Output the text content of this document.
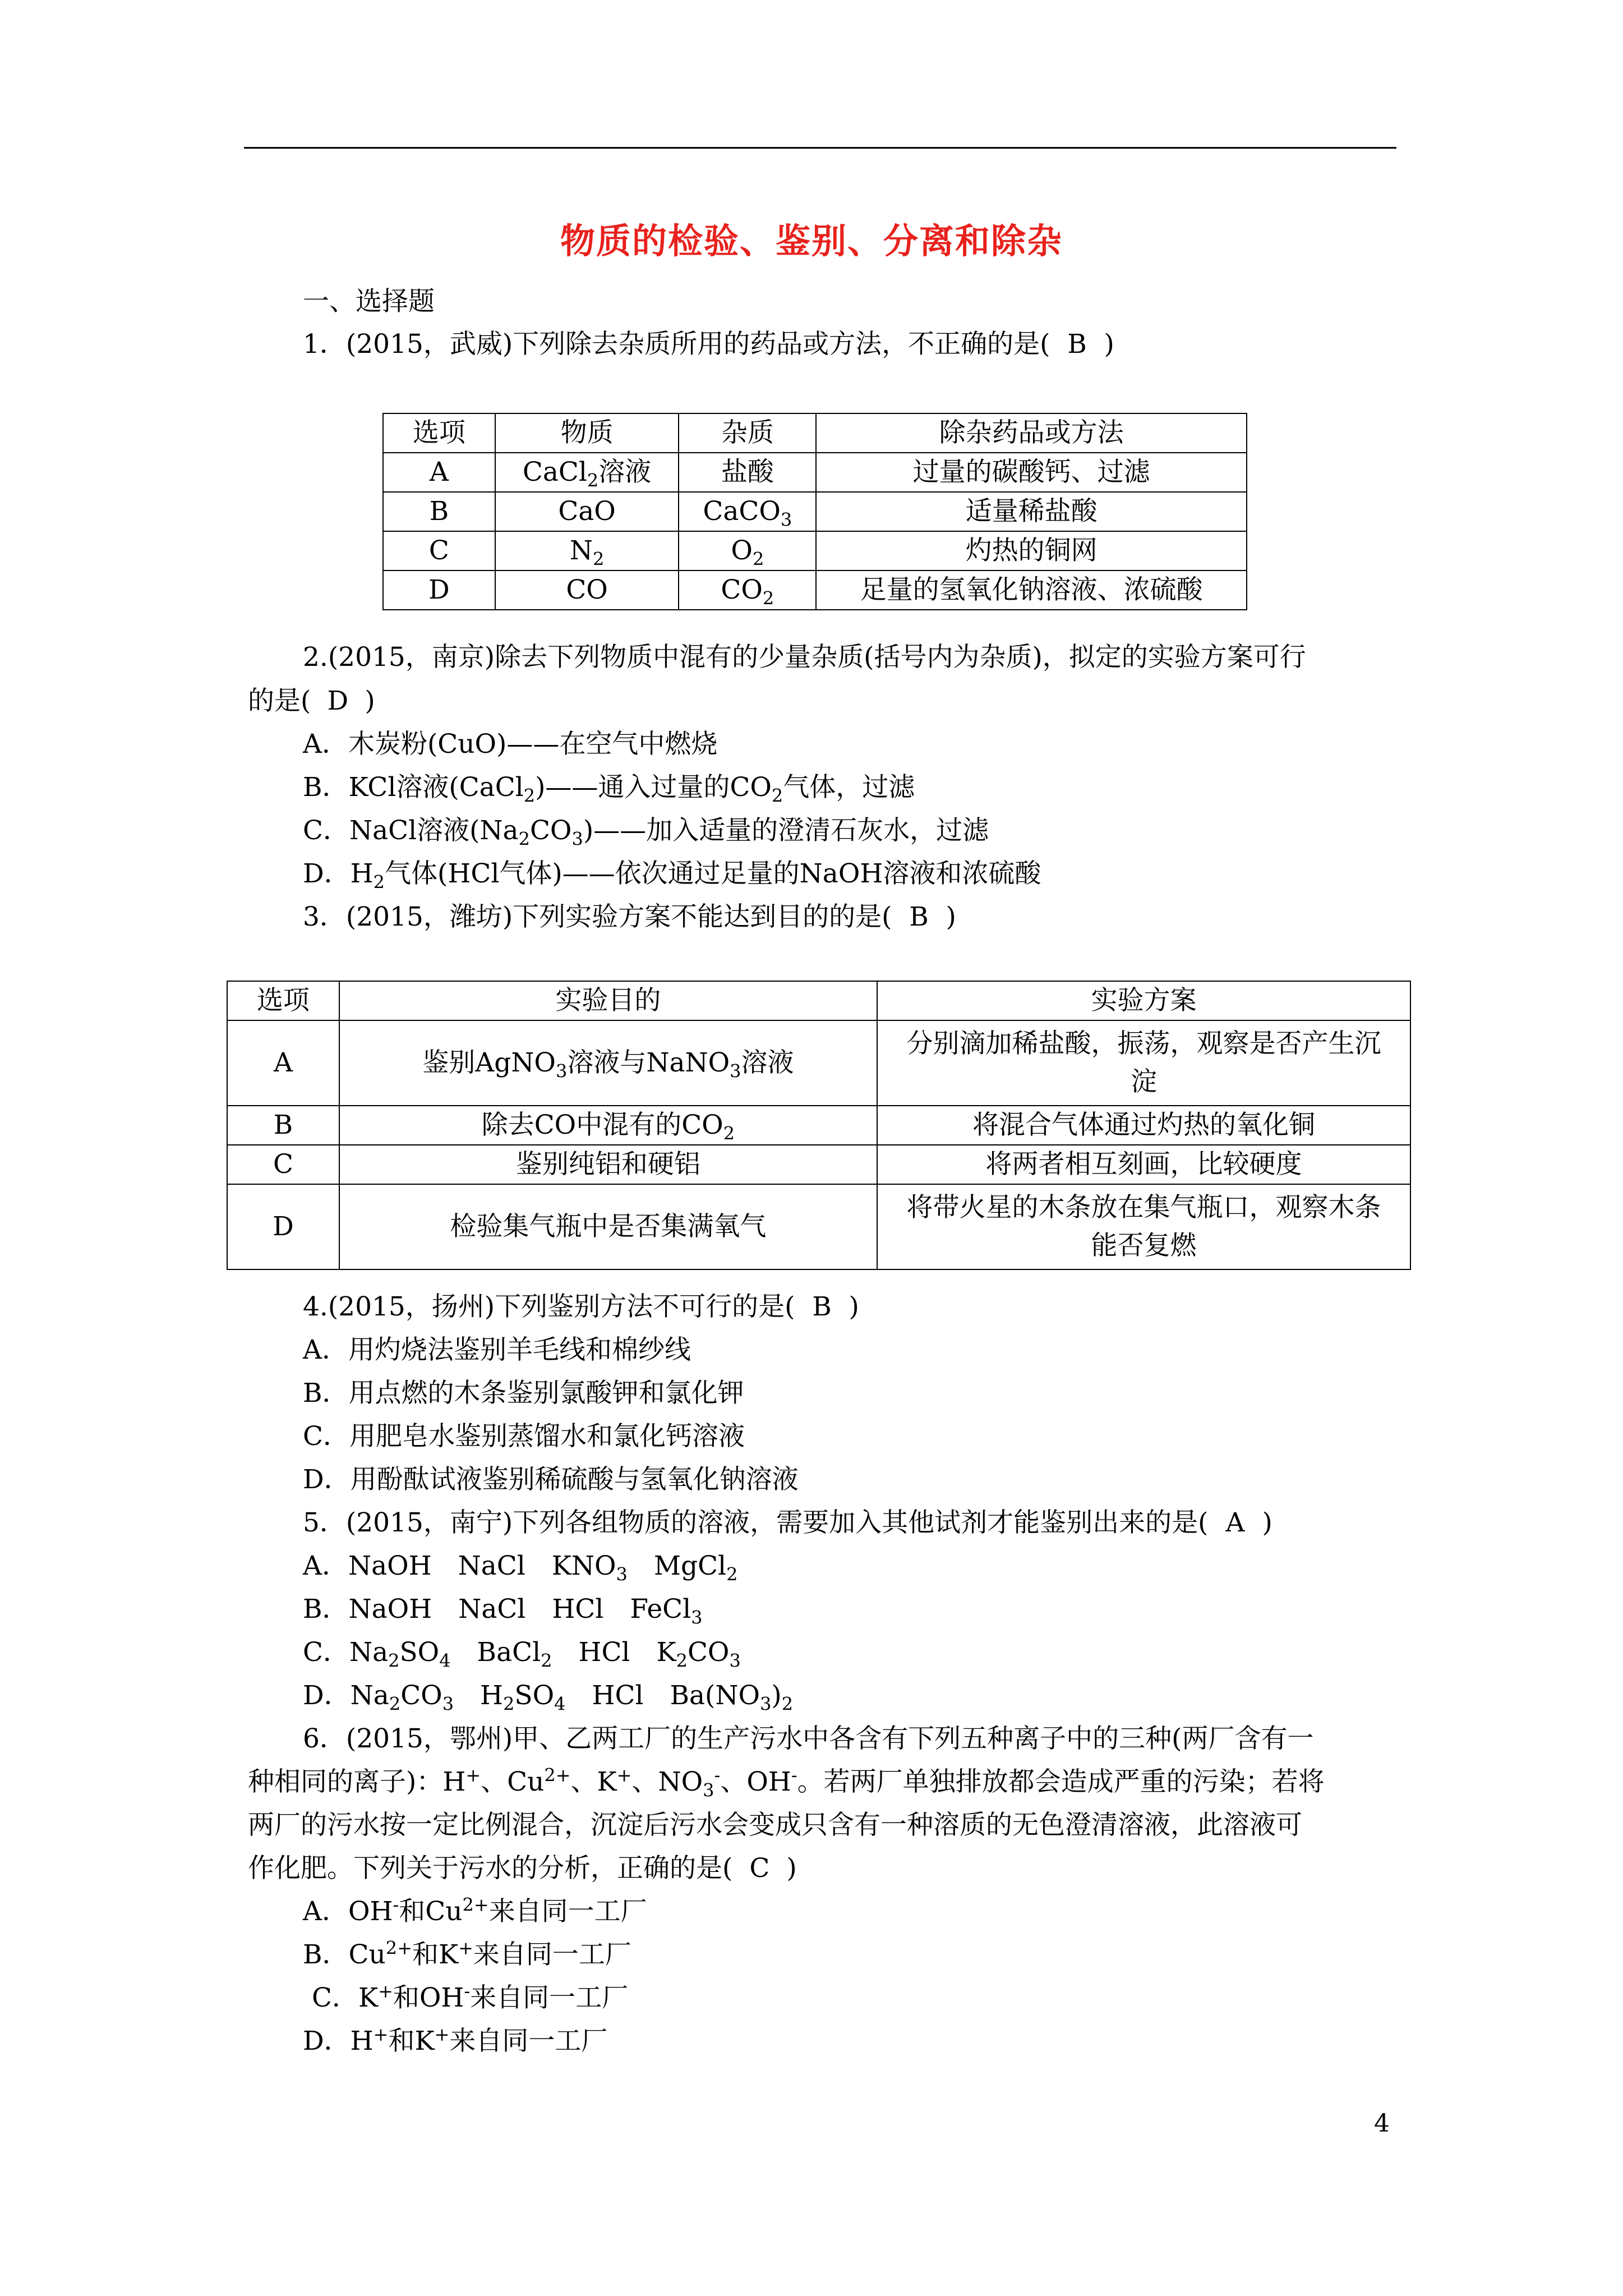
物质的检验、鉴别、分离和除杂
一、选择题
1．(2015，武威)下列除去杂质所用的药品或方法，不正确的是( B )
选项	物质	杂质	除杂药品或方法
A	CaCl$_2$溶液	盐酸	过量的碳酸钙、过滤
B	CaO	CaCO$_3$	适量稀盐酸
C	$N_2$	$O_2$	灼热的铜网
D	CO	$CO_2$	足量的氢氧化钠溶液、浓硫酸
2.(2015，南京)除去下列物质中混有的少量杂质(括号内为杂质)，拟定的实验方案可行
的是( D )
A．木炭粉(CuO)——在空气中燃烧
B．KCl溶液(CaCl$_2$)——通入过量的$CO_2$气体，过滤
C．NaCl溶液$(Na_2CO_3)——$加入适量的澄清石灰水，过滤
D．$H_2$气体(HCl气体)——依次通过足量的NaOH溶液和浓硫酸
3．(2015，潍坊)下列实验方案不能达到目的的是( B )
选项	实验目的	实验方案
A	鉴别AgNO$_3$溶液与NaNO$_3$溶液	分别滴加稀盐酸，振荡，观察是否产生沉
淀

B	除去CO中混有的$CO_2$	将混合气体通过灼热的氧化铜
C	鉴别纯铝和硬铝	将两者相互刻画，比较硬度
D	检验集气瓶中是否集满氧气	将带火星的木条放在集气瓶口，观察木条
能否复燃
4.(2015，扬州)下列鉴别方法不可行的是( B )
A．用灼烧法鉴别羊毛线和棉纱线
B．用点燃的木条鉴别氯酸钾和氯化钾
C．用肥皂水鉴别蒸馏水和氯化钙溶液
D．用酚酞试液鉴别稀硫酸与氢氧化钠溶液
5．(2015，南宁)下列各组物质的溶液，需要加入其他试剂才能鉴别出来的是( A )
A．NaOH　NaCl　$KNO_3$　MgCl$_2$
B．NaOH　NaCl　HCl　FeCl$_3$
C．$Na_2SO_4$　BaCl$_2$　HCl　$K_2CO_3$
D．$Na_2CO_3$　$H_2SO_4$　HCl　$Ba(NO_3)_2$
6．(2015，鄂州)甲、乙两工厂的生产污水中各含有下列五种离子中的三种(两厂含有一
种相同的离子)：H+、$Cu^{2+}$、K+、$NO_3^-$、OH-。若两厂单独排放都会造成严重的污染；若将
两厂的污水按一定比例混合，沉淀后污水会变成只含有一种溶质的无色澄清溶液，此溶液可
作化肥。下列关于污水的分析，正确的是( C )
A．OH-和$Cu^{2+}$来自同一工厂
B．$Cu^{2+}$和K+来自同一工厂
C．K+和OH-来自同一工厂
D．H+和K+来自同一工厂
4
